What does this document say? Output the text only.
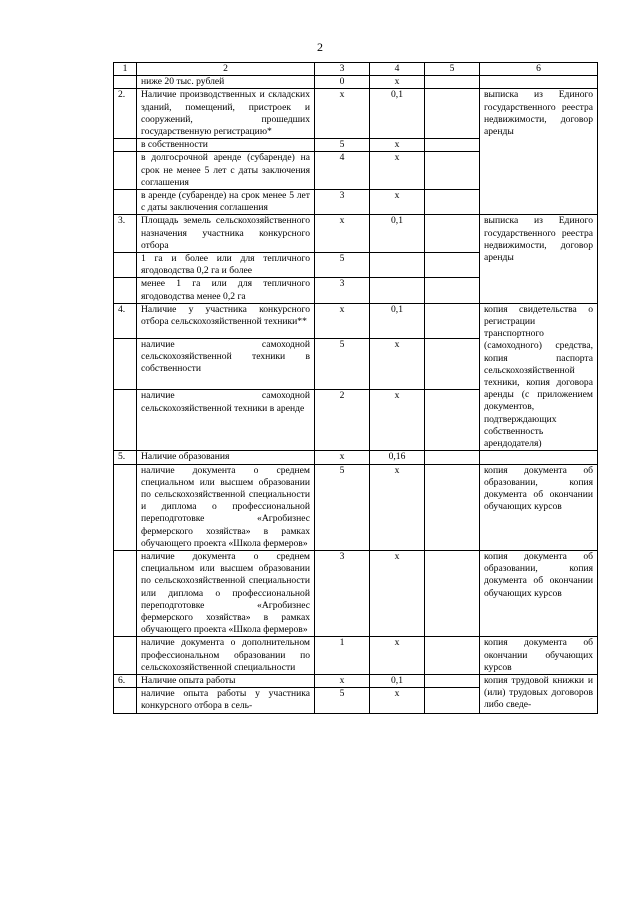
2
1	2	3	4	5	6
	ниже 20 тыс. рублей	0	х		
2.	Наличие производственных и складских зданий, помещений, пристроек и сооружений, прошедших государственную регистрацию*	х	0,1		выписка из Единого государственного реестра недвижимости, договор аренды
	в собственности	5	х		
	в долгосрочной аренде (субаренде) на срок не менее 5 лет с даты заключения соглашения	4	х		
	в аренде (субаренде) на срок менее 5 лет с даты заключения соглашения	3	х		
3.	Площадь земель сельскохозяйственного назначения участника конкурсного отбора	х	0,1		выписка из Единого государственного реестра недвижимости, договор аренды
	1 га и более или для тепличного ягодоводства 0,2 га и более	5			
	менее 1 га или для тепличного ягодоводства менее 0,2 га	3			
4.	Наличие у участника конкурсного отбора сельскохозяйственной техники**	х	0,1		копия свидетельства о регистрации транспортного (самоходного) средства, копия паспорта сельскохозяйственной техники, копия договора аренды (с приложением документов, подтверждающих собственность арендодателя)
	наличие самоходной сельскохозяйственной техники в собственности	5	х		
	наличие самоходной сельскохозяйственной техники в аренде	2	х		
5.	Наличие образования	х	0,16		
	наличие документа о среднем специальном или высшем образовании по сельскохозяйственной специальности и диплома о профессиональной переподготовке «Агробизнес фермерского хозяйства» в рамках обучающего проекта «Школа фермеров»	5	х		копия документа об образовании, копия документа об окончании обучающих курсов
	наличие документа о среднем специальном или высшем образовании по сельскохозяйственной специальности или диплома о профессиональной переподготовке «Агробизнес фермерского хозяйства» в рамках обучающего проекта «Школа фермеров»	3	х		копия документа об образовании, копия документа об окончании обучающих курсов
	наличие документа о дополнительном профессиональном образовании по сельскохозяйственной специальности	1	х		копия документа об окончании обучающих курсов
6.	Наличие опыта работы	х	0,1		копия трудовой книжки и (или) трудовых договоров либо сведе-
	наличие опыта работы у участника конкурсного отбора в сель-	5	х		
